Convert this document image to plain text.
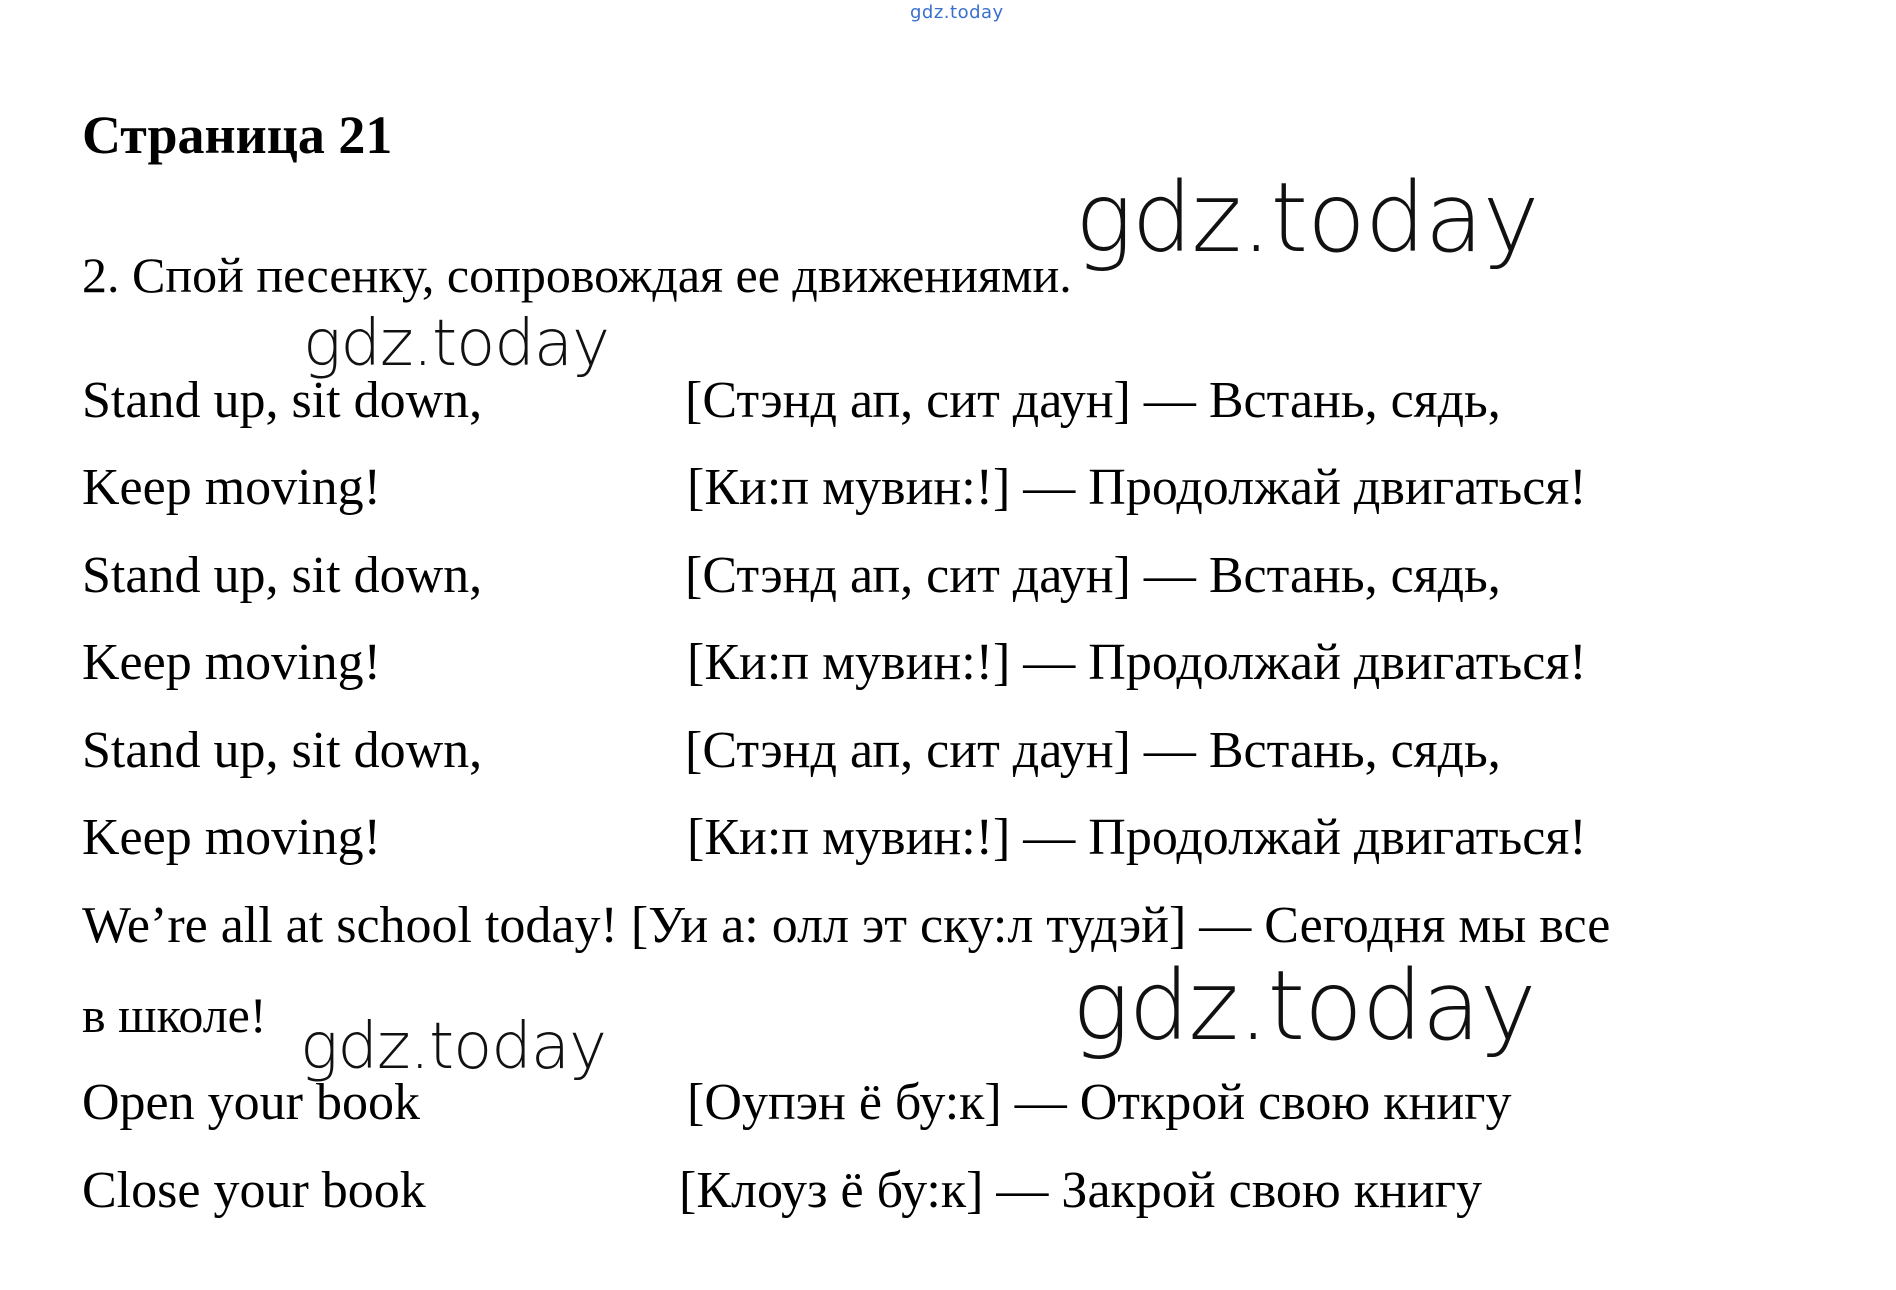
gdz.today
Страница 21
gdz.today
2. Спой песенку, сопровождая ее движениями.
gdz.today
Stand up, sit down,	[Стэнд ап, сит даун] — Встань, сядь,
Keep moving!	[Ки:п мувин:!] — Продолжай двигаться!
Stand up, sit down,	[Стэнд ап, сит даун] — Встань, сядь,
Keep moving!	[Ки:п мувин:!] — Продолжай двигаться!
Stand up, sit down,	[Стэнд ап, сит даун] — Встань, сядь,
Keep moving!	[Ки:п мувин:!] — Продолжай двигаться!
We’re all at school today! [Уи а: олл эт ску:л тудэй] — Сегодня мы все
в школе!	gdz.today
gdz.today
Open your book	[Оупэн ё бу:к] — Открой свою книгу
Close your book	[Клоуз ё бу:к] — Закрой свою книгу
